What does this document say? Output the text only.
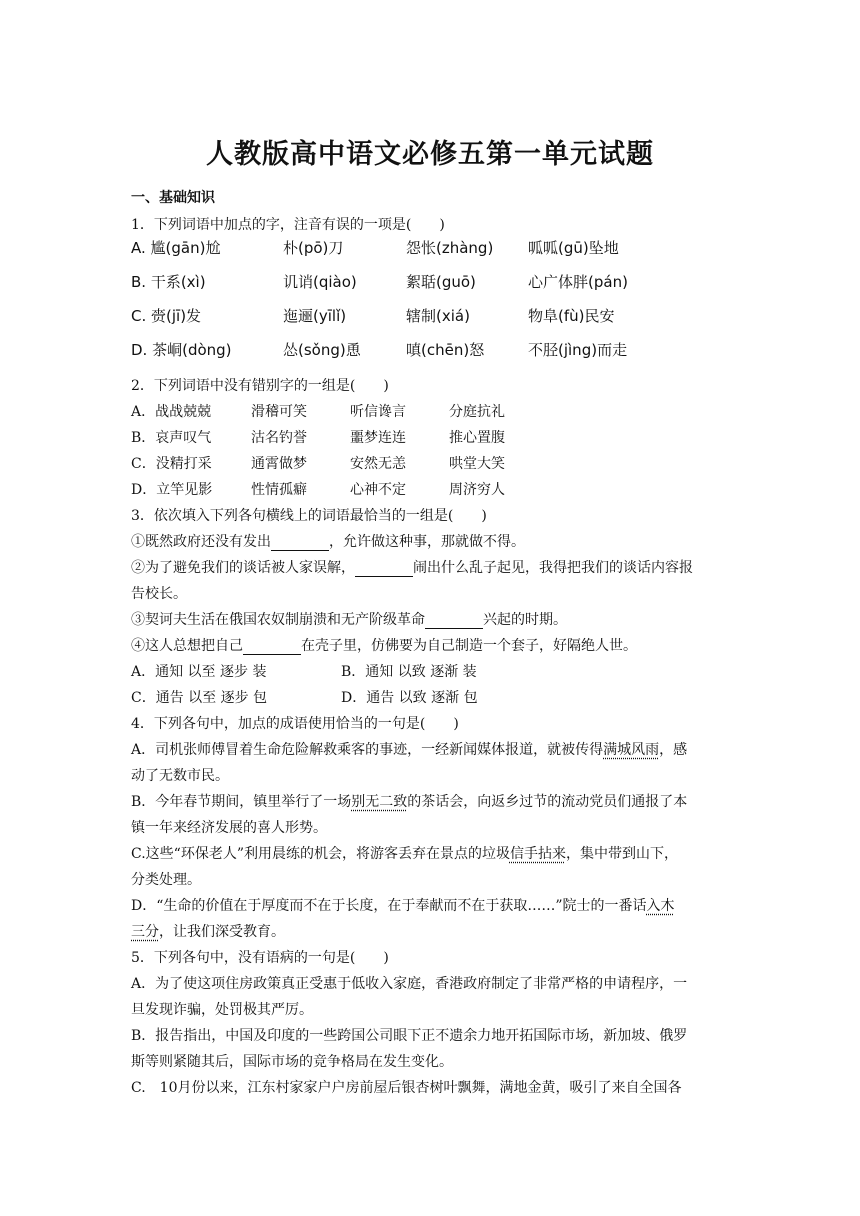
人教版高中语文必修五第一单元试题
一、基础知识
1．下列词语中加点的字，注音有误的一项是(　　)
A. 尴(gān)尬	朴(pō)刀	怨怅(zhàng) 呱呱(gū)坠地
B. 干系(xì)	讥诮(qiào)	絮聒(guō)	心广体胖(pán)
C. 赍(jī)发	迤逦(yīlǐ)	辖制(xiá)	物阜(fù)民安
D. 茶峒(dòng)	怂(sǒng)恿	嗔(chēn)怒	不胫(jìng)而走
2．下列词语中没有错别字的一组是(　　)
A．战战兢兢	滑稽可笑	听信谗言	分庭抗礼
B．哀声叹气	沽名钓誉	噩梦连连	推心置腹
C．没精打采	通霄做梦	安然无恙	哄堂大笑
D．立竿见影	性情孤癖	心神不定	周济穷人
3．依次填入下列各句横线上的词语最恰当的一组是(　　)
①既然政府还没有发出	，允许做这种事，那就做不得。
②为了避免我们的谈话被人家误解，	闹出什么乱子起见，我得把我们的谈话内容报
告校长。
③契诃夫生活在俄国农奴制崩溃和无产阶级革命	兴起的时期。
④这人总想把自己	在壳子里，仿佛要为自己制造一个套子，好隔绝人世。
A．通知 以至 逐步 装	B．通知 以致 逐渐 装
C．通告 以至 逐步 包	D．通告 以致 逐渐 包
4．下列各句中，加点的成语使用恰当的一句是(　　)
A．司机张师傅冒着生命危险解救乘客的事迹，一经新闻媒体报道，就被传得满城风雨，感
动了无数市民。
B．今年春节期间，镇里举行了一场别无二致的茶话会，向返乡过节的流动党员们通报了本
镇一年来经济发展的喜人形势。
C.这些“环保老人”利用晨练的机会，将游客丢弃在景点的垃圾信手拈来，集中带到山下，
分类处理。
D．“生命的价值在于厚度而不在于长度，在于奉献而不在于获取……”院士的一番话入木
三分，让我们深受教育。
5．下列各句中，没有语病的一句是(　　)
A．为了使这项住房政策真正受惠于低收入家庭，香港政府制定了非常严格的申请程序，一
旦发现诈骗，处罚极其严厉。
B．报告指出，中国及印度的一些跨国公司眼下正不遗余力地开拓国际市场，新加坡、俄罗
斯等则紧随其后，国际市场的竞争格局在发生变化。
C.　10月份以来，江东村家家户户房前屋后银杏树叶飘舞，满地金黄，吸引了来自全国各
